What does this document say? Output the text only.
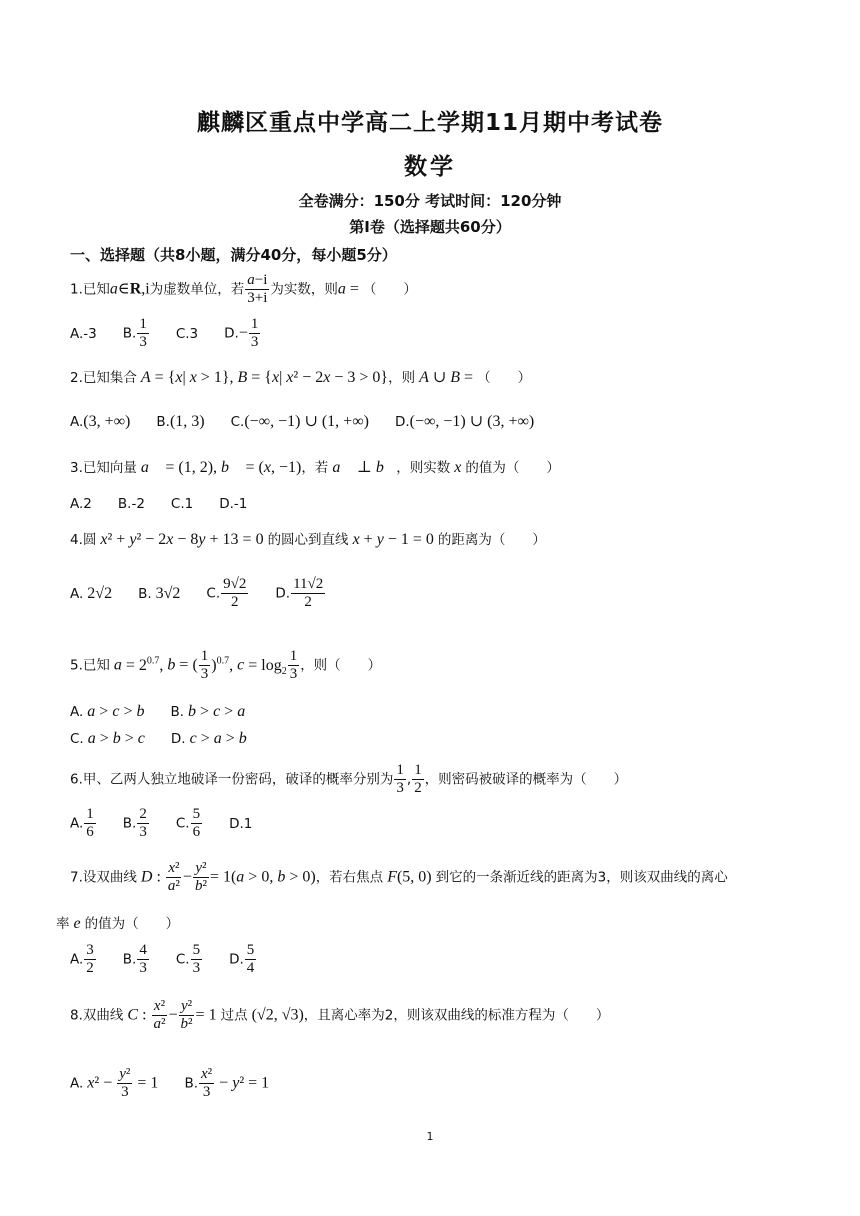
麒麟区重点中学高二上学期11月期中考试卷
数学
全卷满分：150分 考试时间：120分钟
第Ⅰ卷（选择题共60分）
一、选择题（共8小题，满分40分，每小题5分）
1.已知a∈R,i为虚数单位，若 $\frac{a-i}{3+i}$ 为实数，则a = （　　）
A.-3 B. $\frac{1}{3} C.3$ $D.- \frac{1}{3}$
2.已知集合 A = {x| x > 1}, B = {x| x² − 2x − 3 > 0}，则 A ∪ B = （　　）
A.(3, +∞) B.(1, 3) C.(−∞, −1) ∪ (1, +∞) D.(−∞, −1) ∪ (3, +∞)
3.已知向量 a⃗ = (1, 2), b⃗ = (x, −1)，若 a⃗ ⊥ b⃗，则实数 x 的值为（　　）
A.2 B.-2 C.1 D.-1
4.圆 x² + y² − 2x − 8y + 13 = 0 的圆心到直线 x + y − 1 = 0 的距离为（　　）
A. 2√2 B. 3√2 C. $\frac{9√2}{2} D$. $\frac{11√2}{2}$
5.已知 $a = 2^{0.7}$, b = ( $\frac{1}{3} )^{0.7}$, $c = \log_2 \frac{1}{3}$ ，则（　　）
A. a > c > b B. b > c > a
C. a > b > c D. c > a > b
6.甲、乙两人独立地破译一份密码，破译的概率分别为 $\frac{1}{3}$ , $\frac{1}{2}$ ，则密码被破译的概率为（　　）
A. $\frac{1}{6} B$. $\frac{2}{3} C$. $\frac{5}{6} D.1$
7.设双曲线 D : $\frac{\text{x²}}{\text{a²}} - \frac{\text{y²}}{\text{b²}} = 1(a > 0$, b > 0)，若右焦点 F(5, 0) 到它的一条渐近线的距离为3，则该双曲线的离心
率 e 的值为（　　）
A. $\frac{3}{2} B$. $\frac{4}{3} C$. $\frac{5}{3} D$. $\frac{5}{4}$
8.双曲线 C : $\frac{\text{x²}}{\text{a²}} - \frac{\text{y²}}{\text{b²}} = 1$ 过点 (√2, √3)，且离心率为2，则该双曲线的标准方程为（　　）
A. $x^2 - \frac{\text{y²}}{3} = 1$ B. $\frac{\text{x²}}{3} - y^2 = 1$
1
